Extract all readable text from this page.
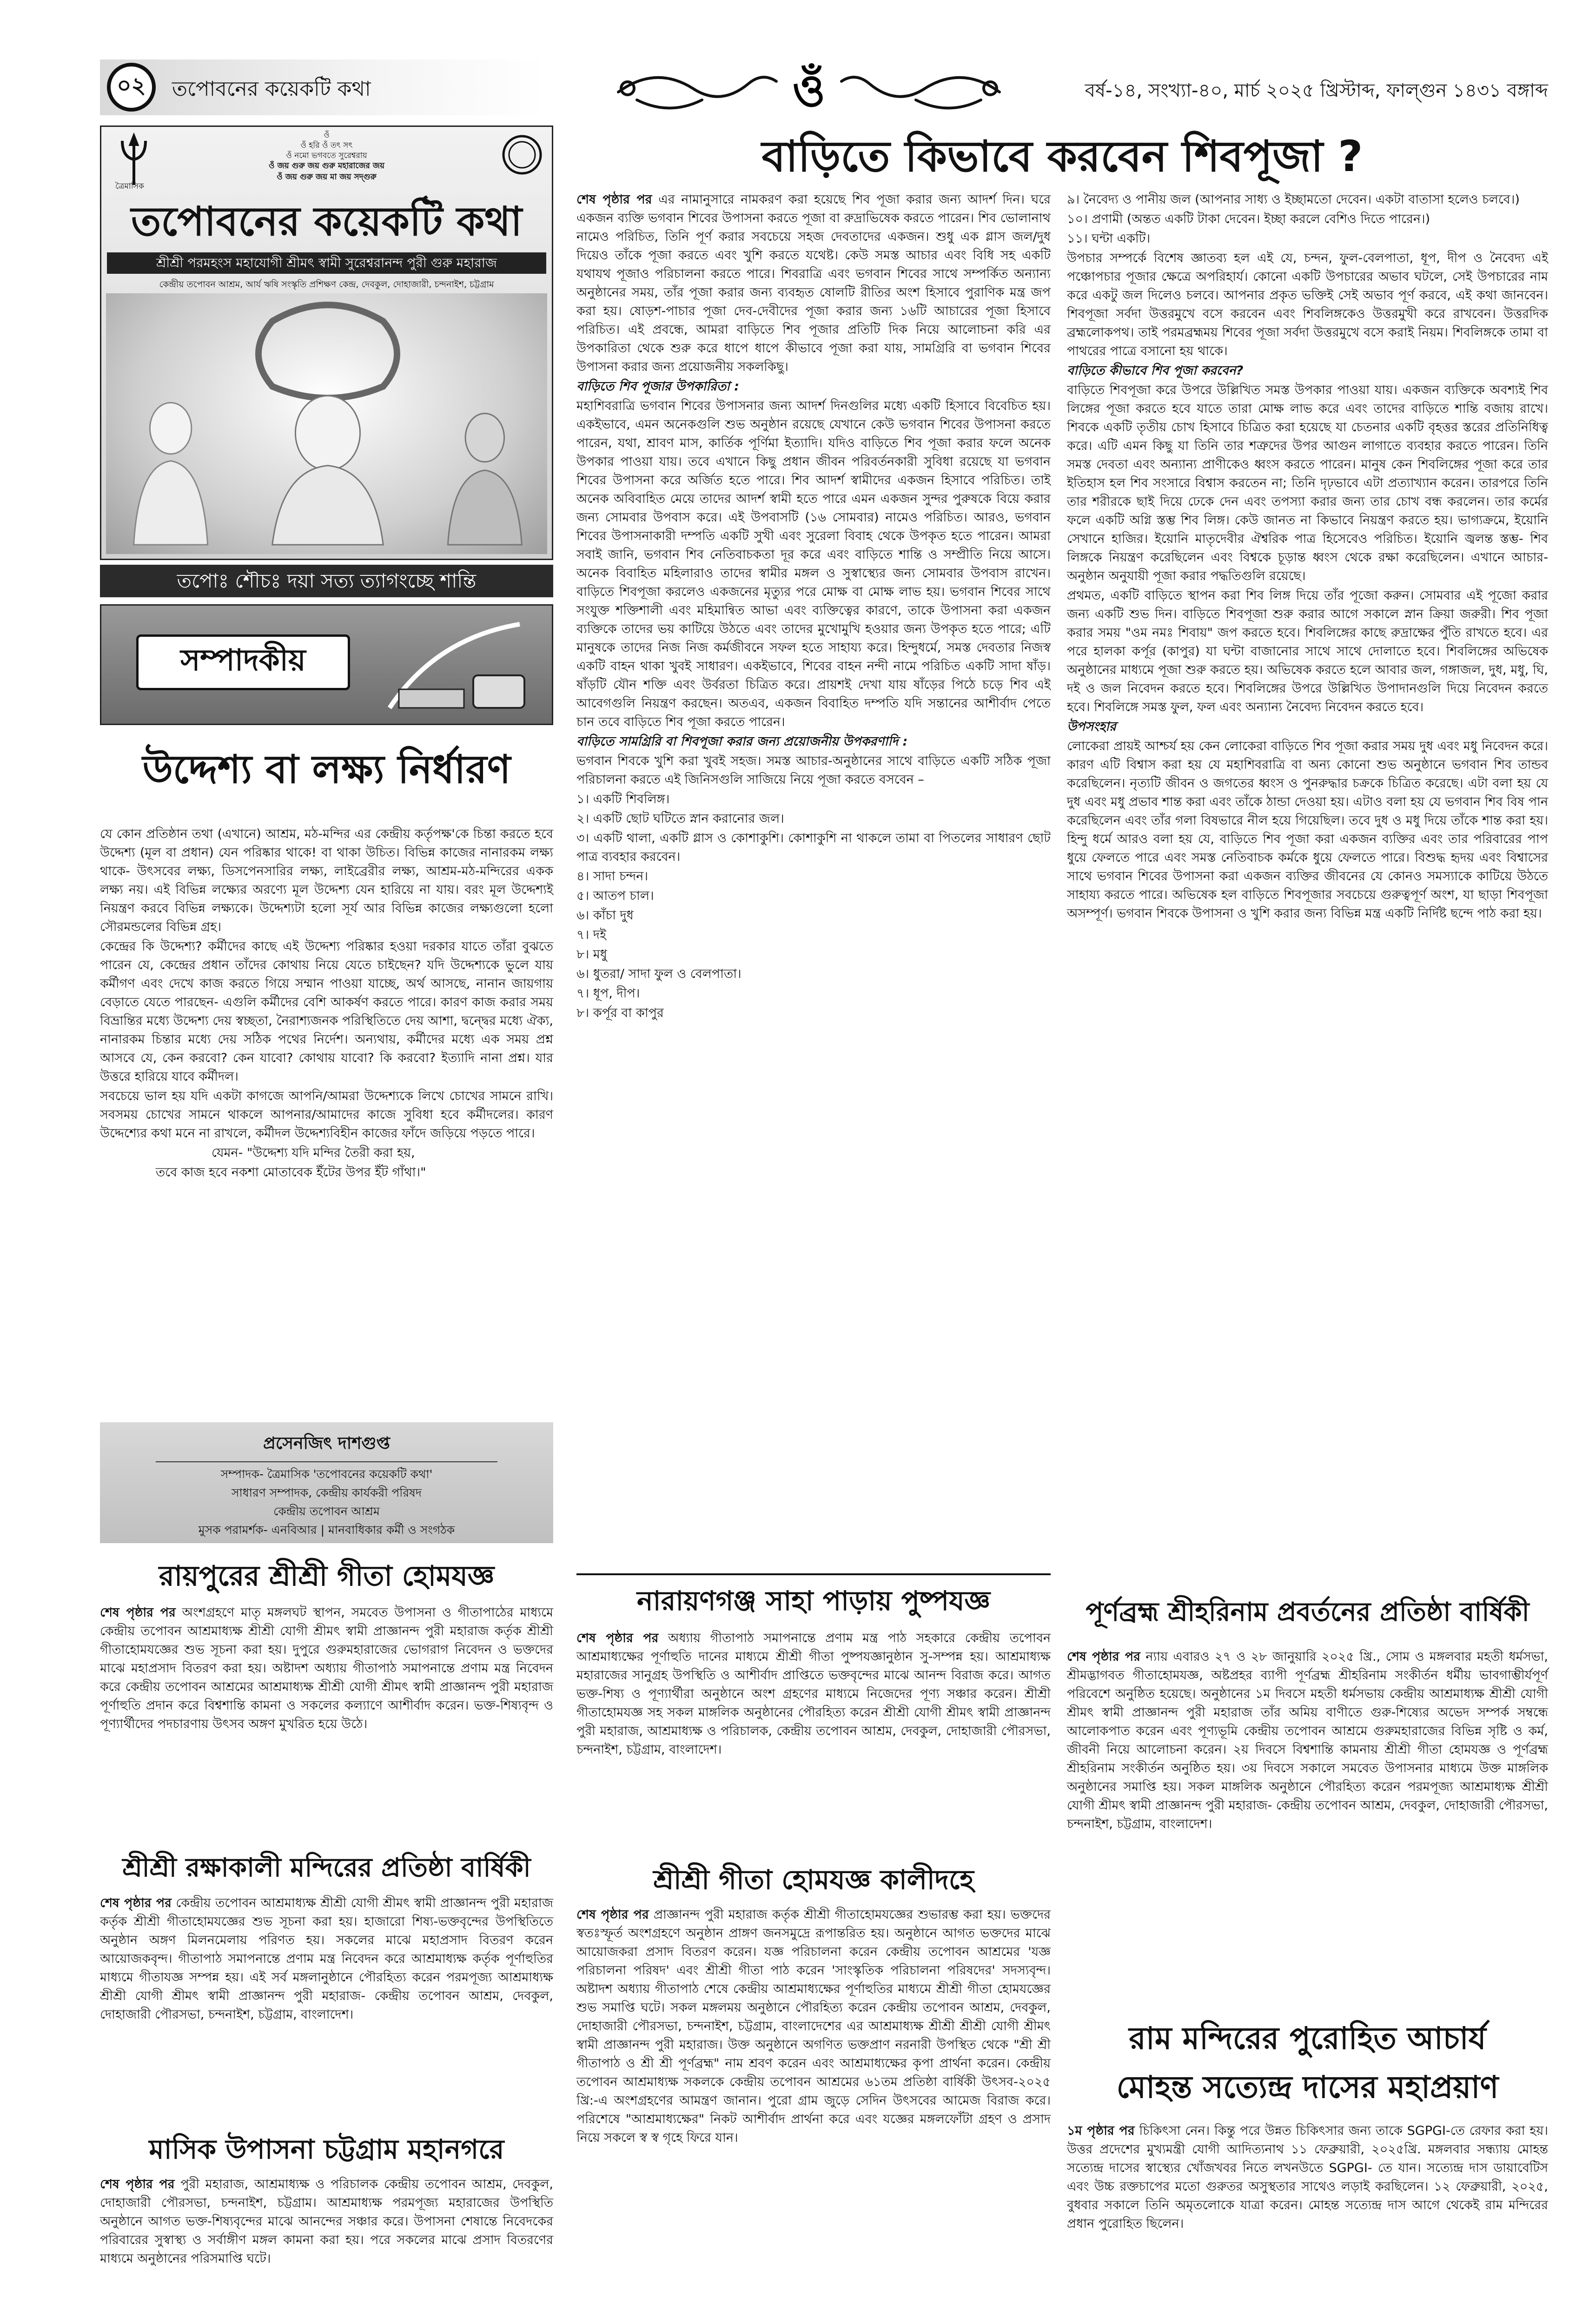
০২	তপোবনের কয়েকটি কথা	ওঁ	বর্ষ-১৪, সংখ্যা-৪০, মার্চ ২০২৫ খ্রিস্টাব্দ, ফাল্গুন ১৪৩১ বঙ্গাব্দ
ওঁ
ওঁ হরি ওঁ তৎ সৎ
ওঁ নমো ভগবতে সুরেশ্বরায়
ওঁ জয় গুরু জয় গুরু মহারাজের জয়
ওঁ জয় গুরু জয় মা জয় সদ্গুরু
ত্রৈমাসিক
তপোবনের কয়েকটি কথা
শ্রীশ্রী পরমহংস মহাযোগী শ্রীমৎ স্বামী সুরেশ্বরানন্দ পুরী গুরু মহারাজ
কেন্দ্রীয় তপোবন আশ্রম, আর্য ঋষি সংস্কৃতি প্রশিক্ষণ কেন্দ্র, দেবকুল, দোহাজারী, চন্দনাইশ, চট্টগ্রাম
তপোঃ শৌচঃ দয়া সত্য ত্যাগংচ্ছে শান্তি
সম্পাদকীয়
উদ্দেশ্য বা লক্ষ্য নির্ধারণ

যে কোন প্রতিষ্ঠান তথা (এখানে) আশ্রম, মঠ-মন্দির এর কেন্দ্রীয় কর্তৃপক্ষ'কে চিন্তা করতে হবে উদ্দেশ্য (মূল বা প্রধান) যেন পরিষ্কার থাকে! বা থাকা উচিত। বিভিন্ন কাজের নানারকম লক্ষ্য থাকে- উৎসবের লক্ষ্য, ডিসপেনসারির লক্ষ্য, লাইব্রেরীর লক্ষ্য, আশ্রম-মঠ-মন্দিরের একক লক্ষ্য নয়। এই বিভিন্ন লক্ষ্যের অরণ্যে মূল উদ্দেশ্য যেন হারিয়ে না যায়। বরং মূল উদ্দেশ্যই নিয়ন্ত্রণ করবে বিভিন্ন লক্ষ্যকে। উদ্দেশ্যটা হলো সূর্য আর বিভিন্ন কাজের লক্ষ্যগুলো হলো সৌরমন্ডলের বিভিন্ন গ্রহ।

কেন্দ্রের কি উদ্দেশ্য? কর্মীদের কাছে এই উদ্দেশ্য পরিষ্কার হওয়া দরকার যাতে তাঁরা বুঝতে পারেন যে, কেন্দ্রের প্রধান তাঁদের কোথায় নিয়ে যেতে চাইছেন? যদি উদ্দেশ্যকে ভুলে যায় কর্মীগণ এবং দেখে কাজ করতে গিয়ে সম্মান পাওয়া যাচ্ছে, অর্থ আসছে, নানান জায়গায় বেড়াতে যেতে পারছেন- এগুলি কর্মীদের বেশি আকর্ষণ করতে পারে। কারণ কাজ করার সময় বিভ্রান্তির মধ্যে উদ্দেশ্য দেয় স্বচ্ছতা, নৈরাশ্যজনক পরিস্থিতিতে দেয় আশা, দ্বন্দ্বের মধ্যে ঐক্য, নানারকম চিন্তার মধ্যে দেয় সঠিক পথের নির্দেশ। অন্যথায়, কর্মীদের মধ্যে এক সময় প্রশ্ন আসবে যে, কেন করবো? কেন যাবো? কোথায় যাবো? কি করবো? ইত্যাদি নানা প্রশ্ন। যার উত্তরে হারিয়ে যাবে কর্মীদল।

সবচেয়ে ভাল হয় যদি একটা কাগজে আপনি/আমরা উদ্দেশ্যকে লিখে চোখের সামনে রাখি। সবসময় চোখের সামনে থাকলে আপনার/আমাদের কাজে সুবিধা হবে কর্মীদলের। কারণ উদ্দেশ্যের কথা মনে না রাখলে, কর্মীদল উদ্দেশ্যবিহীন কাজের ফাঁদে জড়িয়ে পড়তে পারে।

যেমন- "উদ্দেশ্য যদি মন্দির তৈরী করা হয়,

তবে কাজ হবে নকশা মোতাবেক ইঁটের উপর ইঁট গাঁথা।"

প্রসেনজিৎ দাশগুপ্ত
সম্পাদক- ত্রৈমাসিক 'তপোবনের কয়েকটি কথা'
সাধারণ সম্পাদক, কেন্দ্রীয় কার্যকরী পরিষদ
কেন্দ্রীয় তপোবন আশ্রম
মুসক পরামর্শক- এনবিআর | মানবাধিকার কর্মী ও সংগঠক
রায়পুরের শ্রীশ্রী গীতা হোমযজ্ঞ

শেষ পৃষ্ঠার পর অংশগ্রহণে মাতৃ মঙ্গলঘট স্থাপন, সমবেত উপাসনা ও গীতাপাঠের মাধ্যমে কেন্দ্রীয় তপোবন আশ্রমাধ্যক্ষ শ্রীশ্রী যোগী শ্রীমৎ স্বামী প্রাজ্ঞানন্দ পুরী মহারাজ কর্তৃক শ্রীশ্রী গীতাহোমযজ্ঞের শুভ সূচনা করা হয়। দুপুরে গুরুমহারাজের ভোগরাগ নিবেদন ও ভক্তদের মাঝে মহাপ্রসাদ বিতরণ করা হয়। অষ্টাদশ অধ্যায় গীতাপাঠ সমাপনান্তে প্রণাম মন্ত্র নিবেদন করে কেন্দ্রীয় তপোবন আশ্রমের আশ্রমাধ্যক্ষ শ্রীশ্রী যোগী শ্রীমৎ স্বামী প্রাজ্ঞানন্দ পুরী মহারাজ পূর্ণাহুতি প্রদান করে বিশ্বশান্তি কামনা ও সকলের কল্যাণে আশীর্বাদ করেন। ভক্ত-শিষ্যবৃন্দ ও পূণ্যার্থীদের পদচারণায় উৎসব অঙ্গণ মুখরিত হয়ে উঠে।

শ্রীশ্রী রক্ষাকালী মন্দিরের প্রতিষ্ঠা বার্ষিকী

শেষ পৃষ্ঠার পর কেন্দ্রীয় তপোবন আশ্রমাধ্যক্ষ শ্রীশ্রী যোগী শ্রীমৎ স্বামী প্রাজ্ঞানন্দ পুরী মহারাজ কর্তৃক শ্রীশ্রী গীতাহোমযজ্ঞের শুভ সূচনা করা হয়। হাজারো শিষ্য-ভক্তবৃন্দের উপস্থিতিতে অনুষ্ঠান অঙ্গণ মিলনমেলায় পরিণত হয়। সকলের মাঝে মহাপ্রসাদ বিতরণ করেন আয়োজকবৃন্দ। গীতাপাঠ সমাপনান্তে প্রণাম মন্ত্র নিবেদন করে আশ্রমাধ্যক্ষ কর্তৃক পূর্ণাহুতির মাধ্যমে গীতাযজ্ঞ সম্পন্ন হয়। এই সর্ব মঙ্গলানুষ্ঠানে পৌরহিত্য করেন পরমপূজ্য আশ্রমাধ্যক্ষ শ্রীশ্রী যোগী শ্রীমৎ স্বামী প্রাজ্ঞানন্দ পুরী মহারাজ- কেন্দ্রীয় তপোবন আশ্রম, দেবকুল, দোহাজারী পৌরসভা, চন্দনাইশ, চট্টগ্রাম, বাংলাদেশ।

মাসিক উপাসনা চট্টগ্রাম মহানগরে

শেষ পৃষ্ঠার পর পুরী মহারাজ, আশ্রমাধ্যক্ষ ও পরিচালক কেন্দ্রীয় তপোবন আশ্রম, দেবকুল, দোহাজারী পৌরসভা, চন্দনাইশ, চট্টগ্রাম। আশ্রমাধ্যক্ষ পরমপূজ্য মহারাজের উপস্থিতি অনুষ্ঠানে আগত ভক্ত-শিষ্যবৃন্দের মাঝে আনন্দের সঞ্চার করে। উপাসনা শেষান্তে নিবেদকের পরিবারের সুস্বাস্থ্য ও সর্বাঙ্গীণ মঙ্গল কামনা করা হয়। পরে সকলের মাঝে প্রসাদ বিতরণের মাধ্যমে অনুষ্ঠানের পরিসমাপ্তি ঘটে।

বাড়িতে কিভাবে করবেন শিবপূজা ?

শেষ পৃষ্ঠার পর এর নামানুসারে নামকরণ করা হয়েছে শিব পূজা করার জন্য আদর্শ দিন। ঘরে একজন ব্যক্তি ভগবান শিবের উপাসনা করতে পূজা বা রুদ্রাভিষেক করতে পারেন। শিব ভোলানাথ নামেও পরিচিত, তিনি পূর্ণ করার সবচেয়ে সহজ দেবতাদের একজন। শুধু এক গ্লাস জল/দুধ দিয়েও তাঁকে পূজা করতে এবং খুশি করতে যথেষ্ট। কেউ সমস্ত আচার এবং বিধি সহ একটি যথাযথ পূজাও পরিচালনা করতে পারে। শিবরাত্রি এবং ভগবান শিবের সাথে সম্পর্কিত অন্যান্য অনুষ্ঠানের সময়, তাঁর পূজা করার জন্য ব্যবহৃত ষোলটি রীতির অংশ হিসাবে পুরাণিক মন্ত্র জপ করা হয়। ষোড়শ-পাচার পূজা দেব-দেবীদের পূজা করার জন্য ১৬টি আচারের পূজা হিসাবে পরিচিত। এই প্রবন্ধে, আমরা বাড়িতে শিব পূজার প্রতিটি দিক নিয়ে আলোচনা করি এর উপকারিতা থেকে শুরু করে ধাপে ধাপে কীভাবে পূজা করা যায়, সামগ্রিরি বা ভগবান শিবের উপাসনা করার জন্য প্রয়োজনীয় সকলকিছু।

বাড়িতে শিব পূজার উপকারিতা :

মহাশিবরাত্রি ভগবান শিবের উপাসনার জন্য আদর্শ দিনগুলির মধ্যে একটি হিসাবে বিবেচিত হয়। একইভাবে, এমন অনেকগুলি শুভ অনুষ্ঠান রয়েছে যেখানে কেউ ভগবান শিবের উপাসনা করতে পারেন, যথা, শ্রাবণ মাস, কার্তিক পূর্ণিমা ইত্যাদি। যদিও বাড়িতে শিব পূজা করার ফলে অনেক উপকার পাওয়া যায়। তবে এখানে কিছু প্রধান জীবন পরিবর্তনকারী সুবিধা রয়েছে যা ভগবান শিবের উপাসনা করে অর্জিত হতে পারে। শিব আদর্শ স্বামীদের একজন হিসাবে পরিচিত। তাই অনেক অবিবাহিত মেয়ে তাদের আদর্শ স্বামী হতে পারে এমন একজন সুন্দর পুরুষকে বিয়ে করার জন্য সোমবার উপবাস করে। এই উপবাসটি (১৬ সোমবার) নামেও পরিচিত। আরও, ভগবান শিবের উপাসনাকারী দম্পতি একটি সুখী এবং সুরেলা বিবাহ থেকে উপকৃত হতে পারেন। আমরা সবাই জানি, ভগবান শিব নেতিবাচকতা দূর করে এবং বাড়িতে শান্তি ও সম্প্রীতি নিয়ে আসে। অনেক বিবাহিত মহিলারাও তাদের স্বামীর মঙ্গল ও সুস্বাস্থ্যের জন্য সোমবার উপবাস রাখেন। বাড়িতে শিবপূজা করলেও একজনের মৃত্যুর পরে মোক্ষ বা মোক্ষ লাভ হয়। ভগবান শিবের সাথে সংযুক্ত শক্তিশালী এবং মহিমান্বিত আভা এবং ব্যক্তিত্বের কারণে, তাকে উপাসনা করা একজন ব্যক্তিকে তাদের ভয় কাটিয়ে উঠতে এবং তাদের মুখোমুখি হওয়ার জন্য উপকৃত হতে পারে; এটি মানুষকে তাদের নিজ নিজ কর্মজীবনে সফল হতে সাহায্য করে। হিন্দুধর্মে, সমস্ত দেবতার নিজস্ব একটি বাহন থাকা খুবই সাধারণ। একইভাবে, শিবের বাহন নন্দী নামে পরিচিত একটি সাদা ষাঁড়। ষাঁড়টি যৌন শক্তি এবং উর্বরতা চিত্রিত করে। প্রায়শই দেখা যায় ষাঁড়ের পিঠে চড়ে শিব এই আবেগগুলি নিয়ন্ত্রণ করছেন। অতএব, একজন বিবাহিত দম্পতি যদি সন্তানের আশীর্বাদ পেতে চান তবে বাড়িতে শিব পূজা করতে পারেন।

বাড়িতে সামগ্রিরি বা শিবপূজা করার জন্য প্রয়োজনীয় উপকরণাদি :

ভগবান শিবকে খুশি করা খুবই সহজ। সমস্ত আচার-অনুষ্ঠানের সাথে বাড়িতে একটি সঠিক পূজা পরিচালনা করতে এই জিনিসগুলি সাজিয়ে নিয়ে পূজা করতে বসবেন –

১। একটি শিবলিঙ্গ।

২। একটি ছোট ঘটিতে স্নান করানোর জল।

৩। একটি থালা, একটি গ্লাস ও কোশাকুশি। কোশাকুশি না থাকলে তামা বা পিতলের সাধারণ ছোট পাত্র ব্যবহার করবেন।

৪। সাদা চন্দন।

৫। আতপ চাল।

৬। কাঁচা দুধ

৭। দই

৮। মধু

৬। ধুতরা/ সাদা ফুল ও বেলপাতা।

৭। ধূপ, দীপ।

৮। কর্পূর বা কাপুর

৯। নৈবেদ্য ও পানীয় জল (আপনার সাধ্য ও ইচ্ছামতো দেবেন। একটা বাতাসা হলেও চলবে।)

১০। প্রণামী (অন্তত একটি টাকা দেবেন। ইচ্ছা করলে বেশিও দিতে পারেন।)

১১। ঘন্টা একটি।

উপচার সম্পর্কে বিশেষ জ্ঞাতব্য হল এই যে, চন্দন, ফুল-বেলপাতা, ধূপ, দীপ ও নৈবেদ্য এই পঞ্চোপচার পূজার ক্ষেত্রে অপরিহার্য। কোনো একটি উপচারের অভাব ঘটলে, সেই উপচারের নাম করে একটু জল দিলেও চলবে। আপনার প্রকৃত ভক্তিই সেই অভাব পূর্ণ করবে, এই কথা জানবেন। শিবপূজা সর্বদা উত্তরমুখে বসে করবেন এবং শিবলিঙ্গকেও উত্তরমুখী করে রাখবেন। উত্তরদিক ব্রহ্মলোকপথ। তাই পরমব্রহ্মময় শিবের পূজা সর্বদা উত্তরমুখে বসে করাই নিয়ম। শিবলিঙ্গকে তামা বা পাথরের পাত্রে বসানো হয় থাকে।

বাড়িতে কীভাবে শিব পূজা করবেন?

বাড়িতে শিবপূজা করে উপরে উল্লিখিত সমস্ত উপকার পাওয়া যায়। একজন ব্যক্তিকে অবশ্যই শিব লিঙ্গের পূজা করতে হবে যাতে তারা মোক্ষ লাভ করে এবং তাদের বাড়িতে শান্তি বজায় রাখে। শিবকে একটি তৃতীয় চোখ হিসাবে চিত্রিত করা হয়েছে যা চেতনার একটি বৃহত্তর স্তরের প্রতিনিধিত্ব করে। এটি এমন কিছু যা তিনি তার শত্রুদের উপর আগুন লাগাতে ব্যবহার করতে পারেন। তিনি সমস্ত দেবতা এবং অন্যান্য প্রাণীকেও ধ্বংস করতে পারেন। মানুষ কেন শিবলিঙ্গের পূজা করে তার ইতিহাস হল শিব সংসারে বিশ্বাস করতেন না; তিনি দৃঢ়ভাবে এটা প্রত্যাখ্যান করেন। তারপরে তিনি তার শরীরকে ছাই দিয়ে ঢেকে দেন এবং তপস্যা করার জন্য তার চোখ বন্ধ করলেন। তার কর্মের ফলে একটি অগ্নি স্তম্ভ শিব লিঙ্গ। কেউ জানত না কিভাবে নিয়ন্ত্রণ করতে হয়। ভাগ্যক্রমে, ইয়োনি সেখানে হাজির। ইয়োনি মাতৃদেবীর ঐশ্বরিক পাত্র হিসেবেও পরিচিত। ইয়োনি জ্বলন্ত স্তম্ভ- শিব লিঙ্গকে নিয়ন্ত্রণ করেছিলেন এবং বিশ্বকে চূড়ান্ত ধ্বংস থেকে রক্ষা করেছিলেন। এখানে আচার-অনুষ্ঠান অনুযায়ী পূজা করার পদ্ধতিগুলি রয়েছে।

প্রথমত, একটি বাড়িতে স্থাপন করা শিব লিঙ্গ দিয়ে তাঁর পূজো করুন। সোমবার এই পূজো করার জন্য একটি শুভ দিন। বাড়িতে শিবপূজা শুরু করার আগে সকালে স্নান ক্রিয়া জরুরী। শিব পূজা করার সময় "ওম নমঃ শিবায়" জপ করতে হবে। শিবলিঙ্গের কাছে রুদ্রাক্ষের পুঁতি রাখতে হবে। এর পরে হালকা কর্পূর (কাপুর) যা ঘন্টা বাজানোর সাথে সাথে দোলাতে হবে। শিবলিঙ্গের অভিষেক অনুষ্ঠানের মাধ্যমে পূজা শুরু করতে হয়। অভিষেক করতে হলে আবার জল, গঙ্গাজল, দুধ, মধু, ঘি, দই ও জল নিবেদন করতে হবে। শিবলিঙ্গের উপরে উল্লিখিত উপাদানগুলি দিয়ে নিবেদন করতে হবে। শিবলিঙ্গে সমস্ত ফুল, ফল এবং অন্যান্য নৈবেদ্য নিবেদন করতে হবে।

উপসংহার

লোকেরা প্রায়ই আশ্চর্য হয় কেন লোকেরা বাড়িতে শিব পূজা করার সময় দুধ এবং মধু নিবেদন করে। কারণ এটি বিশ্বাস করা হয় যে মহাশিবরাত্রি বা অন্য কোনো শুভ অনুষ্ঠানে ভগবান শিব তান্ডব করেছিলেন। নৃত্যটি জীবন ও জগতের ধ্বংস ও পুনরুদ্ধার চক্রকে চিত্রিত করেছে। এটা বলা হয় যে দুধ এবং মধু প্রভাব শান্ত করা এবং তাঁকে ঠান্ডা দেওয়া হয়। এটাও বলা হয় যে ভগবান শিব বিষ পান করেছিলেন এবং তাঁর গলা বিষভারে নীল হয়ে গিয়েছিল। তবে দুধ ও মধু দিয়ে তাঁকে শান্ত করা হয়। হিন্দু ধর্মে আরও বলা হয় যে, বাড়িতে শিব পূজা করা একজন ব্যক্তির এবং তার পরিবারের পাপ ধুয়ে ফেলতে পারে এবং সমস্ত নেতিবাচক কর্মকে ধুয়ে ফেলতে পারে। বিশুদ্ধ হৃদয় এবং বিশ্বাসের সাথে ভগবান শিবের উপাসনা করা একজন ব্যক্তির জীবনের যে কোনও সমস্যাকে কাটিয়ে উঠতে সাহায্য করতে পারে। অভিষেক হল বাড়িতে শিবপূজার সবচেয়ে গুরুত্বপূর্ণ অংশ, যা ছাড়া শিবপূজা অসম্পূর্ণ। ভগবান শিবকে উপাসনা ও খুশি করার জন্য বিভিন্ন মন্ত্র একটি নির্দিষ্ট ছন্দে পাঠ করা হয়।

নারায়ণগঞ্জ সাহা পাড়ায় পুষ্পযজ্ঞ

শেষ পৃষ্ঠার পর অধ্যায় গীতাপাঠ সমাপনান্তে প্রণাম মন্ত্র পাঠ সহকারে কেন্দ্রীয় তপোবন আশ্রমাধ্যক্ষের পূর্ণাহুতি দানের মাধ্যমে শ্রীশ্রী গীতা পুষ্পযজ্ঞানুষ্ঠান সু-সম্পন্ন হয়। আশ্রমাধ্যক্ষ মহারাজের সানুগ্রহ উপস্থিতি ও আশীর্বাদ প্রাপ্তিতে ভক্তবৃন্দের মাঝে আনন্দ বিরাজ করে। আগত ভক্ত-শিষ্য ও পূণ্যার্থীরা অনুষ্ঠানে অংশ গ্রহণের মাধ্যমে নিজেদের পূণ্য সঞ্চার করেন। শ্রীশ্রী গীতাহোমযজ্ঞ সহ সকল মাঙ্গলিক অনুষ্ঠানের পৌরহিত্য করেন শ্রীশ্রী যোগী শ্রীমৎ স্বামী প্রাজ্ঞানন্দ পুরী মহারাজ, আশ্রমাধ্যক্ষ ও পরিচালক, কেন্দ্রীয় তপোবন আশ্রম, দেবকুল, দোহাজারী পৌরসভা, চন্দনাইশ, চট্টগ্রাম, বাংলাদেশ।

শ্রীশ্রী গীতা হোমযজ্ঞ কালীদহে

শেষ পৃষ্ঠার পর প্রাজ্ঞানন্দ পুরী মহারাজ কর্তৃক শ্রীশ্রী গীতাহোমযজ্ঞের শুভারম্ভ করা হয়। ভক্তদের স্বতঃস্ফূর্ত অংশগ্রহণে অনুষ্ঠান প্রাঙ্গণ জনসমুদ্রে রূপান্তরিত হয়। অনুষ্ঠানে আগত ভক্তদের মাঝে আয়োজকরা প্রসাদ বিতরণ করেন। যজ্ঞ পরিচালনা করেন কেন্দ্রীয় তপোবন আশ্রমের 'যজ্ঞ পরিচালনা পরিষদ' এবং শ্রীশ্রী গীতা পাঠ করেন 'সাংস্কৃতিক পরিচালনা পরিষদের' সদস্যবৃন্দ। অষ্টাদশ অধ্যায় গীতাপাঠ শেষে কেন্দ্রীয় আশ্রমাধ্যক্ষের পূর্ণাহুতির মাধ্যমে শ্রীশ্রী গীতা হোমযজ্ঞের শুভ সমাপ্তি ঘটে। সকল মঙ্গলময় অনুষ্ঠানে পৌরহিত্য করেন কেন্দ্রীয় তপোবন আশ্রম, দেবকুল, দোহাজারী পৌরসভা, চন্দনাইশ, চট্টগ্রাম, বাংলাদেশের এর আশ্রমাধ্যক্ষ শ্রীশ্রী শ্রীশ্রী যোগী শ্রীমৎ স্বামী প্রাজ্ঞানন্দ পুরী মহারাজ। উক্ত অনুষ্ঠানে অগণিত ভক্তপ্রাণ নরনারী উপস্থিত থেকে "শ্রী শ্রী গীতাপাঠ ও শ্রী শ্রী পূর্ণব্রহ্ম" নাম শ্রবণ করেন এবং আশ্রমাধ্যক্ষের কৃপা প্রার্থনা করেন। কেন্দ্রীয় তপোবন আশ্রমাধ্যক্ষ সকলকে কেন্দ্রীয় তপোবন আশ্রমের ৬১তম প্রতিষ্ঠা বার্ষিকী উৎসব-২০২৫ খ্রি:-এ অংশগ্রহণের আমন্ত্রণ জানান। পুরো গ্রাম জুড়ে সেদিন উৎসবের আমেজ বিরাজ করে। পরিশেষে "আশ্রমাধ্যক্ষের" নিকট আশীর্বাদ প্রার্থনা করে এবং যজ্ঞের মঙ্গলফোঁটা গ্রহণ ও প্রসাদ নিয়ে সকলে স্ব স্ব গৃহে ফিরে যান।

পূর্ণব্রহ্ম শ্রীহরিনাম প্রবর্তনের প্রতিষ্ঠা বার্ষিকী

শেষ পৃষ্ঠার পর ন্যায় এবারও ২৭ ও ২৮ জানুয়ারি ২০২৫ খ্রি., সোম ও মঙ্গলবার মহতী ধর্মসভা, শ্রীমদ্ভাগবত গীতাহোমযজ্ঞ, অষ্টপ্রহর ব্যাপী পূর্ণব্রহ্ম শ্রীহরিনাম সংকীর্তন ধর্মীয় ভাবগাম্ভীর্যপূর্ণ পরিবেশে অনুষ্ঠিত হয়েছে। অনুষ্ঠানের ১ম দিবসে মহতী ধর্মসভায় কেন্দ্রীয় আশ্রমাধ্যক্ষ শ্রীশ্রী যোগী শ্রীমৎ স্বামী প্রাজ্ঞানন্দ পুরী মহারাজ তাঁর অমিয় বাণীতে গুরু-শিষ্যের অভেদ সম্পর্ক সম্বন্ধে আলোকপাত করেন এবং পূণ্যভূমি কেন্দ্রীয় তপোবন আশ্রমে গুরুমহারাজের বিভিন্ন সৃষ্টি ও কর্ম, জীবনী নিয়ে আলোচনা করেন। ২য় দিবসে বিশ্বশান্তি কামনায় শ্রীশ্রী গীতা হোমযজ্ঞ ও পূর্ণব্রহ্ম শ্রীহরিনাম সংকীর্তন অনুষ্ঠিত হয়। ৩য় দিবসে সকালে সমবেত উপাসনার মাধ্যমে উক্ত মাঙ্গলিক অনুষ্ঠানের সমাপ্তি হয়। সকল মাঙ্গলিক অনুষ্ঠানে পৌরহিত্য করেন পরমপূজ্য আশ্রমাধ্যক্ষ শ্রীশ্রী যোগী শ্রীমৎ স্বামী প্রাজ্ঞানন্দ পুরী মহারাজ- কেন্দ্রীয় তপোবন আশ্রম, দেবকুল, দোহাজারী পৌরসভা, চন্দনাইশ, চট্টগ্রাম, বাংলাদেশ।

রাম মন্দিরের পুরোহিত আচার্য
মোহন্ত সত্যেন্দ্র দাসের মহাপ্রয়াণ

১ম পৃষ্ঠার পর চিকিৎসা নেন। কিন্তু পরে উন্নত চিকিৎসার জন্য তাকে SGPGI-তে রেফার করা হয়। উত্তর প্রদেশের মুখ্যমন্ত্রী যোগী আদিত্যনাথ ১১ ফেব্রুয়ারী, ২০২৫খ্রি. মঙ্গলবার সন্ধ্যায় মোহন্ত সত্যেন্দ্র দাসের স্বাস্থ্যের খোঁজখবর নিতে লখনউতে SGPGI- তে যান। সত্যেন্দ্র দাস ডায়াবেটিস এবং উচ্চ রক্তচাপের মতো গুরুতর অসুস্থতার সাথেও লড়াই করছিলেন। ১২ ফেব্রুয়ারী, ২০২৫, বুধবার সকালে তিনি অমৃতলোকে যাত্রা করেন। মোহন্ত সত্যেন্দ্র দাস আগে থেকেই রাম মন্দিরের প্রধান পুরোহিত ছিলেন।
